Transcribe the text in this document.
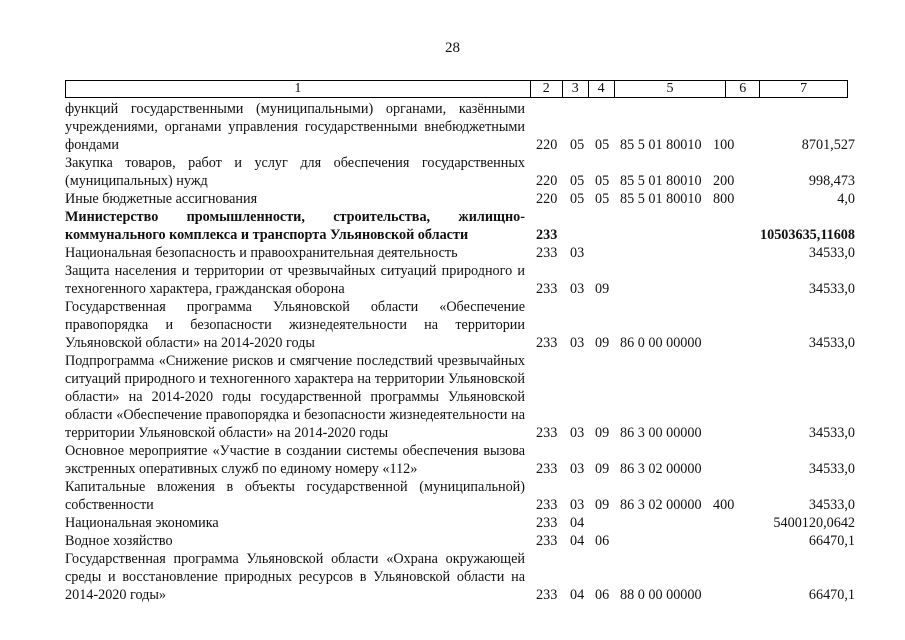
28
1	2	3	4	5	6	7
функций государственными (муниципальными) органами, казёнными учреждениями, органами управления государственными внебюджетными фондами	220 05 05 85 5 01 80010 100	8701,527
Закупка товаров, работ и услуг для обеспечения государственных (муниципальных) нужд	220 05 05 85 5 01 80010 200	998,473
Иные бюджетные ассигнования	220 05 05 85 5 01 80010 800	4,0
Министерство промышленности, строительства, жилищно-коммунального комплекса и транспорта Ульяновской области	233	10503635,11608
Национальная безопасность и правоохранительная деятельность	233 03	34533,0
Защита населения и территории от чрезвычайных ситуаций природного и техногенного характера, гражданская оборона	233 03 09	34533,0
Государственная программа Ульяновской области «Обеспечение правопорядка и безопасности жизнедеятельности на территории Ульяновской области» на 2014-2020 годы	233 03 09 86 0 00 00000	34533,0
Подпрограмма «Снижение рисков и смягчение последствий чрезвычайных ситуаций природного и техногенного характера на территории Ульяновской области» на 2014-2020 годы государственной программы Ульяновской области «Обеспечение правопорядка и безопасности жизнедеятельности на территории Ульяновской области» на 2014-2020 годы	233 03 09 86 3 00 00000	34533,0
Основное мероприятие «Участие в создании системы обеспечения вызова экстренных оперативных служб по единому номеру «112»	233 03 09 86 3 02 00000	34533,0
Капитальные вложения в объекты государственной (муниципальной) собственности	233 03 09 86 3 02 00000 400	34533,0
Национальная экономика	233 04	5400120,0642
Водное хозяйство	233 04 06	66470,1
Государственная программа Ульяновской области «Охрана окружающей среды и восстановление природных ресурсов в Ульяновской области на 2014-2020 годы»	233 04 06 88 0 00 00000	66470,1
